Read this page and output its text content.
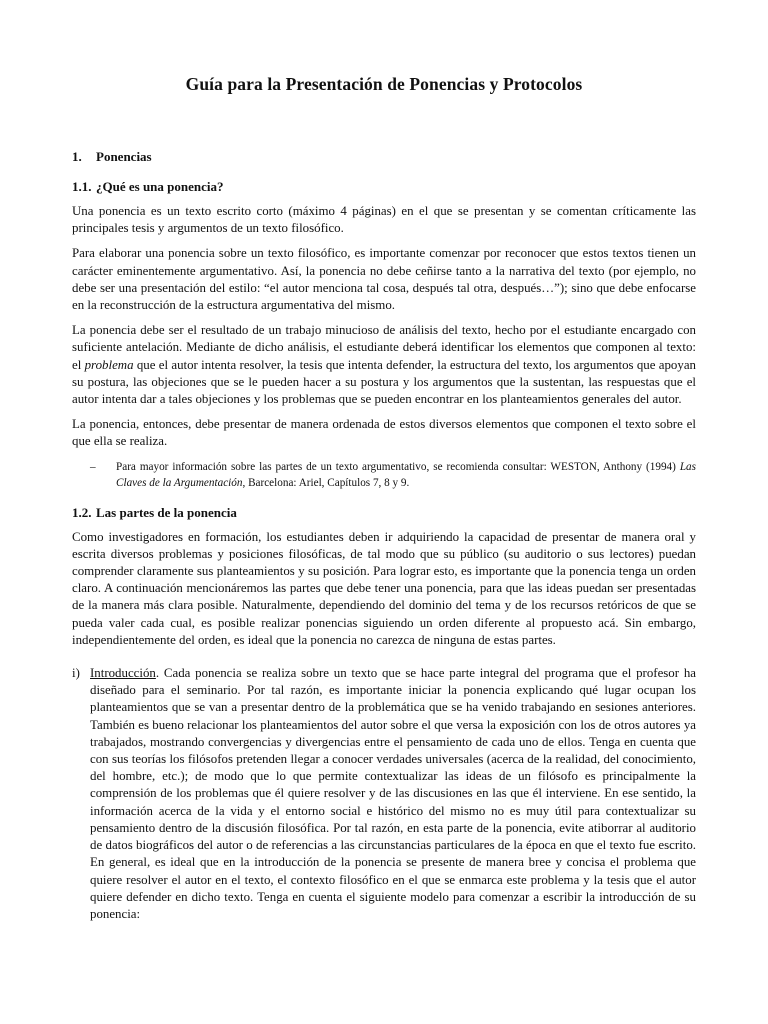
Guía para la Presentación de Ponencias y Protocolos
1.	Ponencias
1.1. ¿Qué es una ponencia?

Una ponencia es un texto escrito corto (máximo 4 páginas) en el que se presentan y se comentan críticamente las principales tesis y argumentos de un texto filosófico.

Para elaborar una ponencia sobre un texto filosófico, es importante comenzar por reconocer que estos textos tienen un carácter eminentemente argumentativo. Así, la ponencia no debe ceñirse tanto a la narrativa del texto (por ejemplo, no debe ser una presentación del estilo: “el autor menciona tal cosa, después tal otra, después…”); sino que debe enfocarse en la reconstrucción de la estructura argumentativa del mismo.

La ponencia debe ser el resultado de un trabajo minucioso de análisis del texto, hecho por el estudiante encargado con suficiente antelación. Mediante de dicho análisis, el estudiante deberá identificar los elementos que componen al texto: el problema que el autor intenta resolver, la tesis que intenta defender, la estructura del texto, los argumentos que apoyan su postura, las objeciones que se le pueden hacer a su postura y los argumentos que la sustentan, las respuestas que el autor intenta dar a tales objeciones y los problemas que se pueden encontrar en los planteamientos generales del autor.

La ponencia, entonces, debe presentar de manera ordenada de estos diversos elementos que componen el texto sobre el que ella se realiza.

–	Para mayor información sobre las partes de un texto argumentativo, se recomienda consultar: WESTON, Anthony (1994) Las Claves de la Argumentación, Barcelona: Ariel, Capítulos 7, 8 y 9.
1.2. Las partes de la ponencia

Como investigadores en formación, los estudiantes deben ir adquiriendo la capacidad de presentar de manera oral y escrita diversos problemas y posiciones filosóficas, de tal modo que su público (su auditorio o sus lectores) puedan comprender claramente sus planteamientos y su posición. Para lograr esto, es importante que la ponencia tenga un orden claro. A continuación mencionáremos las partes que debe tener una ponencia, para que las ideas puedan ser presentadas de la manera más clara posible. Naturalmente, dependiendo del dominio del tema y de los recursos retóricos de que se pueda valer cada cual, es posible realizar ponencias siguiendo un orden diferente al propuesto acá. Sin embargo, independientemente del orden, es ideal que la ponencia no carezca de ninguna de estas partes.

i) Introducción. Cada ponencia se realiza sobre un texto que se hace parte integral del programa que el profesor ha diseñado para el seminario. Por tal razón, es importante iniciar la ponencia explicando qué lugar ocupan los planteamientos que se van a presentar dentro de la problemática que se ha venido trabajando en sesiones anteriores. También es bueno relacionar los planteamientos del autor sobre el que versa la exposición con los de otros autores ya trabajados, mostrando convergencias y divergencias entre el pensamiento de cada uno de ellos. Tenga en cuenta que con sus teorías los filósofos pretenden llegar a conocer verdades universales (acerca de la realidad, del conocimiento, del hombre, etc.); de modo que lo que permite contextualizar las ideas de un filósofo es principalmente la comprensión de los problemas que él quiere resolver y de las discusiones en las que él interviene. En ese sentido, la información acerca de la vida y el entorno social e histórico del mismo no es muy útil para contextualizar su pensamiento dentro de la discusión filosófica. Por tal razón, en esta parte de la ponencia, evite atiborrar al auditorio de datos biográficos del autor o de referencias a las circunstancias particulares de la época en que el texto fue escrito. En general, es ideal que en la introducción de la ponencia se presente de manera bree y concisa el problema que quiere resolver el autor en el texto, el contexto filosófico en el que se enmarca este problema y la tesis que el autor quiere defender en dicho texto. Tenga en cuenta el siguiente modelo para comenzar a escribir la introducción de su ponencia:
